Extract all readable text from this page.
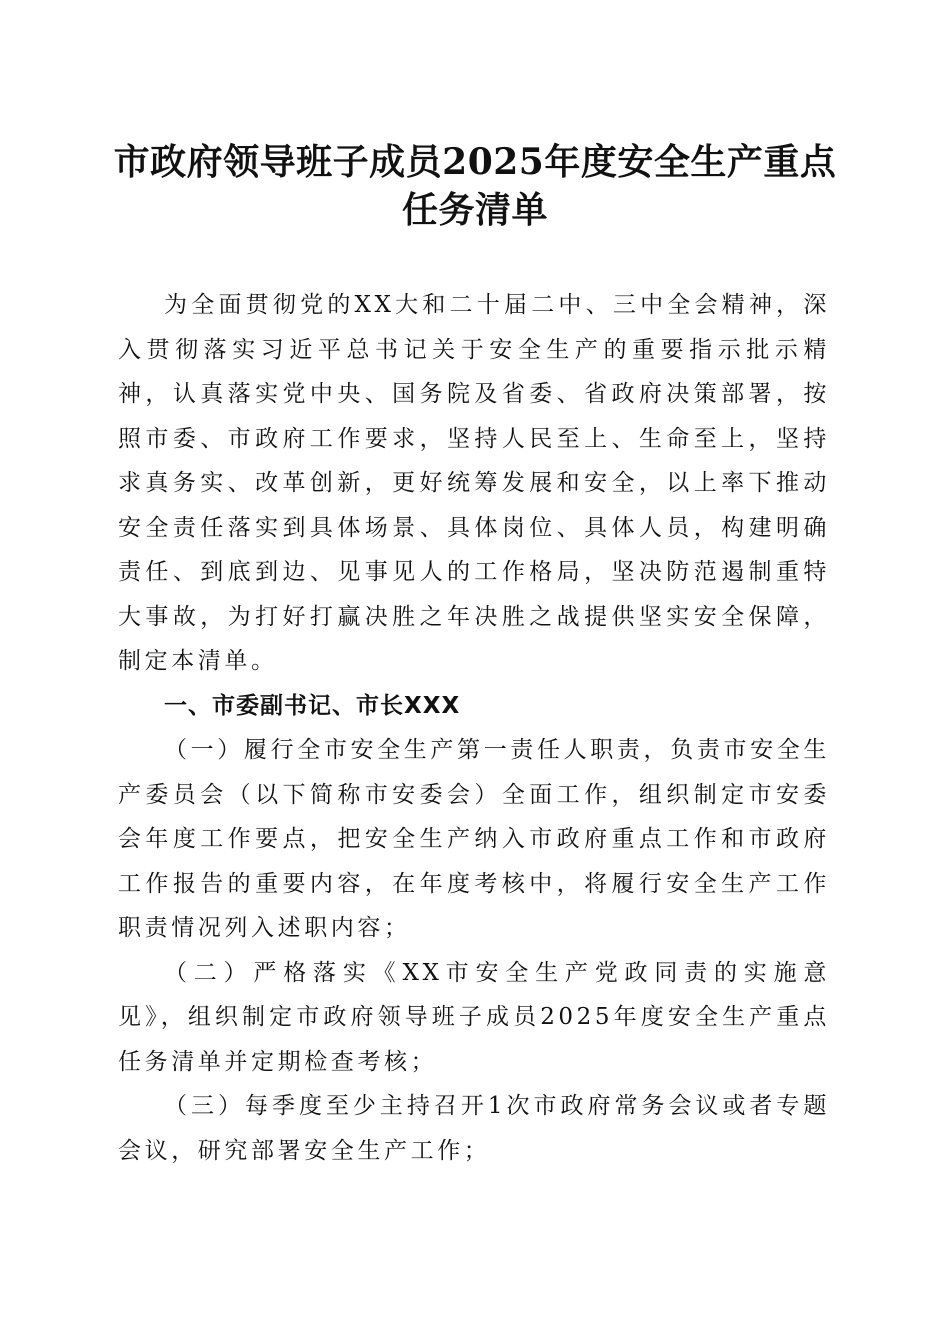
市政府领导班子成员2025年度安全生产重点
任务清单

为全面贯彻党的XX大和二十届二中、三中全会精神，深入贯彻落实习近平总书记关于安全生产的重要指示批示精神，认真落实党中央、国务院及省委、省政府决策部署，按照市委、市政府工作要求，坚持人民至上、生命至上，坚持求真务实、改革创新，更好统筹发展和安全，以上率下推动安全责任落实到具体场景、具体岗位、具体人员，构建明确责任、到底到边、见事见人的工作格局，坚决防范遏制重特大事故，为打好打赢决胜之年决胜之战提供坚实安全保障，制定本清单。

一、市委副书记、市长XXX

（一）履行全市安全生产第一责任人职责，负责市安全生产委员会（以下简称市安委会）全面工作，组织制定市安委会年度工作要点，把安全生产纳入市政府重点工作和市政府工作报告的重要内容，在年度考核中，将履行安全生产工作职责情况列入述职内容；

（二）严格落实《XX市安全生产党政同责的实施意见》，组织制定市政府领导班子成员2025年度安全生产重点任务清单并定期检查考核；

（三）每季度至少主持召开1次市政府常务会议或者专题会议，研究部署安全生产工作；
